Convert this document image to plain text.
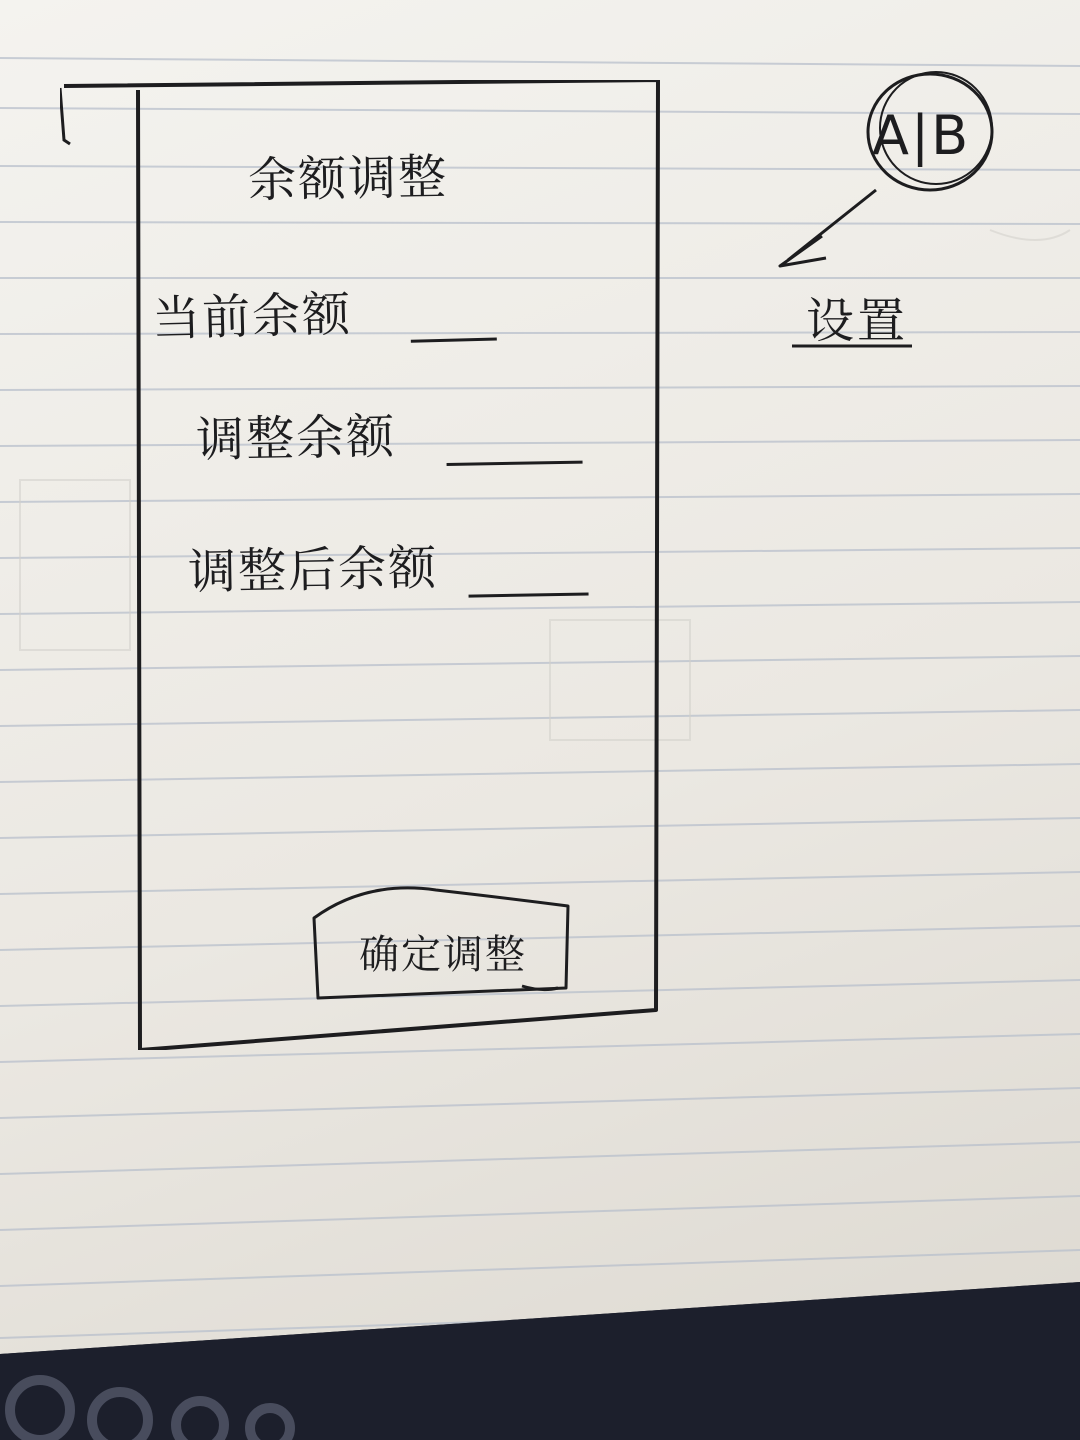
余额调整
当前余额
调整余额
调整后余额
确定调整
A|B
设置
